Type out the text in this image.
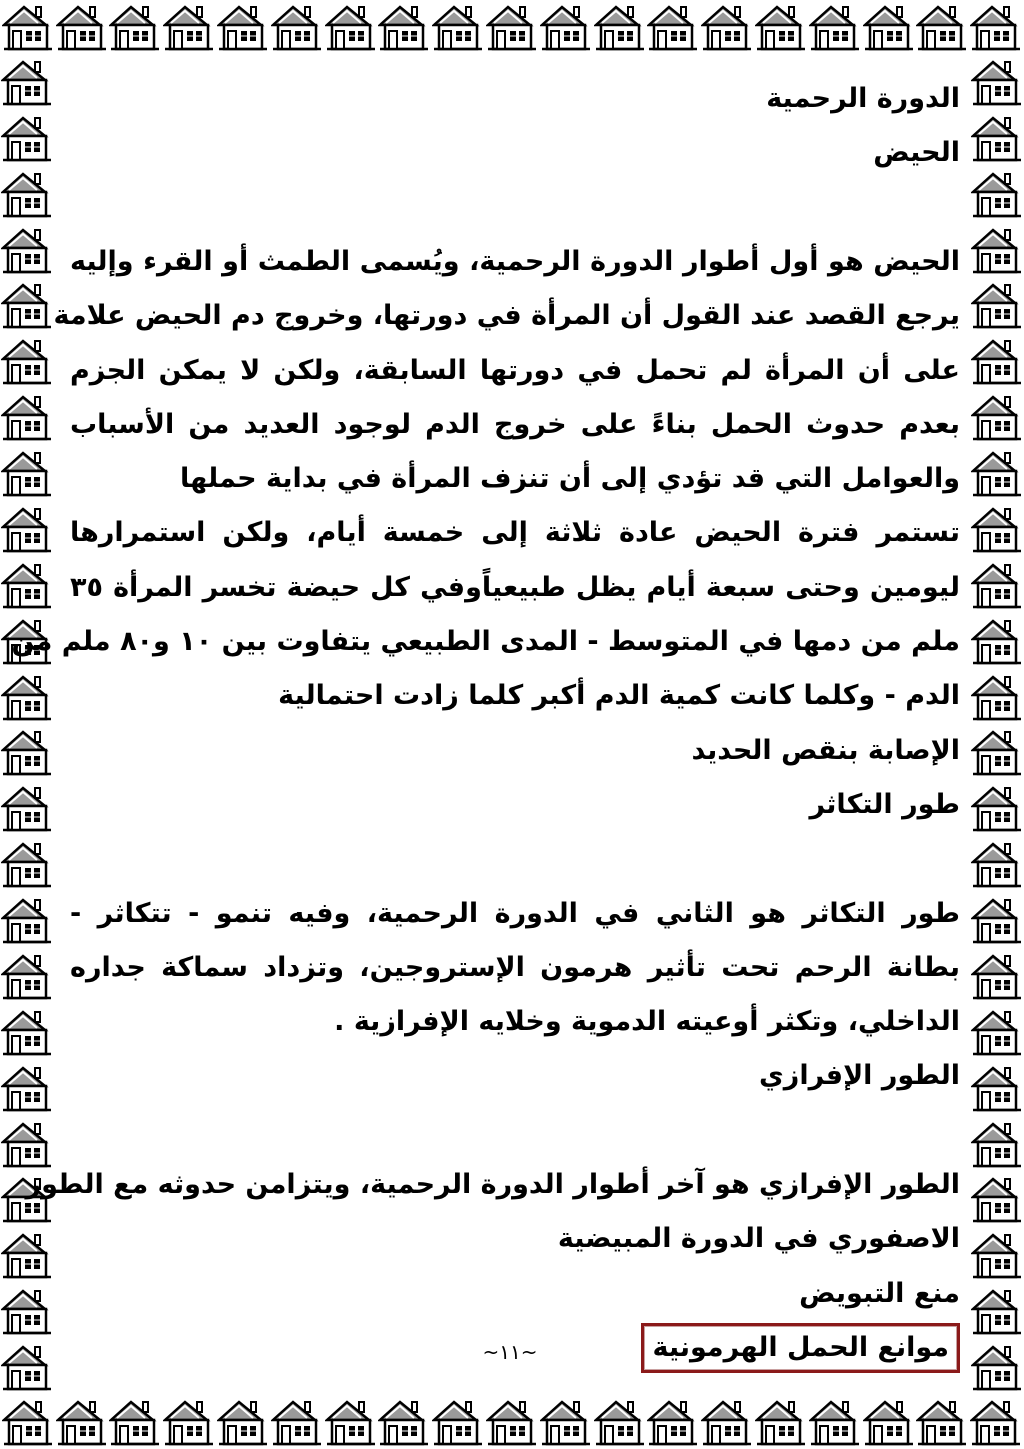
الدورة الرحمية
الحيض
الحيض هو أول أطوار الدورة الرحمية، ويُسمى الطمث أو القرء وإليه
يرجع القصد عند القول أن المرأة في دورتها، وخروج دم الحيض علامة
على أن المرأة لم تحمل في دورتها السابقة، ولكن لا يمكن الجزم
بعدم حدوث الحمل بناءً على خروج الدم لوجود العديد من الأسباب
والعوامل التي قد تؤدي إلى أن تنزف المرأة في بداية حملها
تستمر فترة الحيض عادة ثلاثة إلى خمسة أيام، ولكن استمرارها
ليومين وحتى سبعة أيام يظل طبيعياًوفي كل حيضة تخسر المرأة ٣٥
ملم من دمها في المتوسط - المدى الطبيعي يتفاوت بين ١٠ و٨٠ ملم من
الدم - وكلما كانت كمية الدم أكبر كلما زادت احتمالية
الإصابة بنقص الحديد
طور التكاثر
طور التكاثر هو الثاني في الدورة الرحمية، وفيه تنمو - تتكاثر -
بطانة الرحم تحت تأثير هرمون الإستروجين، وتزداد سماكة جداره
الداخلي، وتكثر أوعيته الدموية وخلايه الإفرازية .
الطور الإفرازي
الطور الإفرازي هو آخر أطوار الدورة الرحمية، ويتزامن حدوثه مع الطور
الاصفوري في الدورة المبيضية
منع التبويض
موانع الحمل الهرمونية
~١١~
